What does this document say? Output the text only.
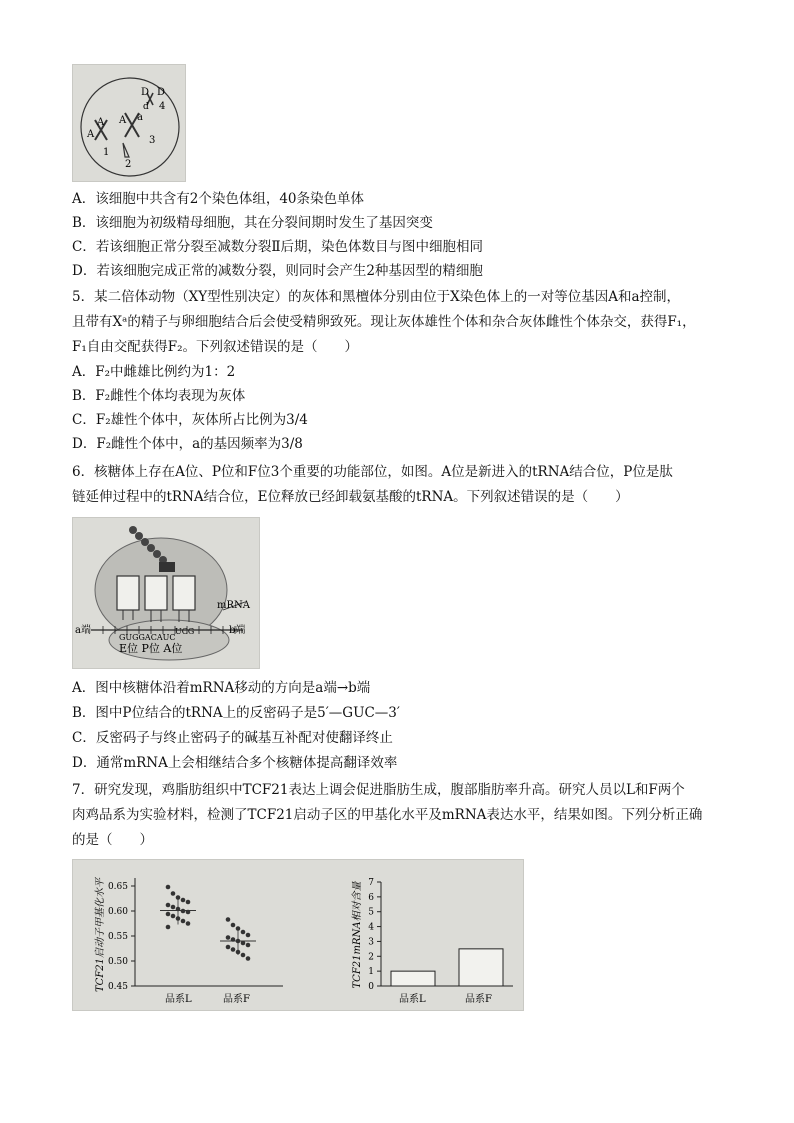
A
A	a
A
D D
d
1
2
3
4
A．该细胞中共含有2个染色体组，40条染色单体
B．该细胞为初级精母细胞，其在分裂间期时发生了基因突变
C．若该细胞正常分裂至减数分裂Ⅱ后期，染色体数目与图中细胞相同
D．若该细胞完成正常的减数分裂，则同时会产生2种基因型的精细胞
5．某二倍体动物（XY型性别决定）的灰体和黑檀体分别由位于X染色体上的一对等位基因A和a控制，
且带有Xᵃ的精子与卵细胞结合后会使受精卵致死。现让灰体雄性个体和杂合灰体雌性个体杂交，获得F₁，
F₁自由交配获得F₂。下列叙述错误的是（　　）
A．F₂中雌雄比例约为1：2
B．F₂雌性个体均表现为灰体
C．F₂雄性个体中，灰体所占比例为3/4
D．F₂雌性个体中，a的基因频率为3/8
6．核糖体上存在A位、P位和F位3个重要的功能部位，如图。A位是新进入的tRNA结合位，P位是肽
链延伸过程中的tRNA结合位，E位释放已经卸载氨基酸的tRNA。下列叙述错误的是（　　）
UCG
mRNA
a端	b端
GUGGACAUC
E位 P位 A位
A．图中核糖体沿着mRNA移动的方向是a端→b端
B．图中P位结合的tRNA上的反密码子是5′—GUC—3′
C．反密码子与终止密码子的碱基互补配对使翻译终止
D．通常mRNA上会相继结合多个核糖体提高翻译效率
7．研究发现，鸡脂肪组织中TCF21表达上调会促进脂肪生成，腹部脂肪率升高。研究人员以L和F两个
肉鸡品系为实验材料，检测了TCF21启动子区的甲基化水平及mRNA表达水平，结果如图。下列分析正确
的是（　　）
TCF21启动子甲基化水平 0.65
0.60
0.55
0.50
0.45
品系L	品系F
TCF21mRNA相对含量 0
1
2
3
4
5
6
7
品系L	品系F
